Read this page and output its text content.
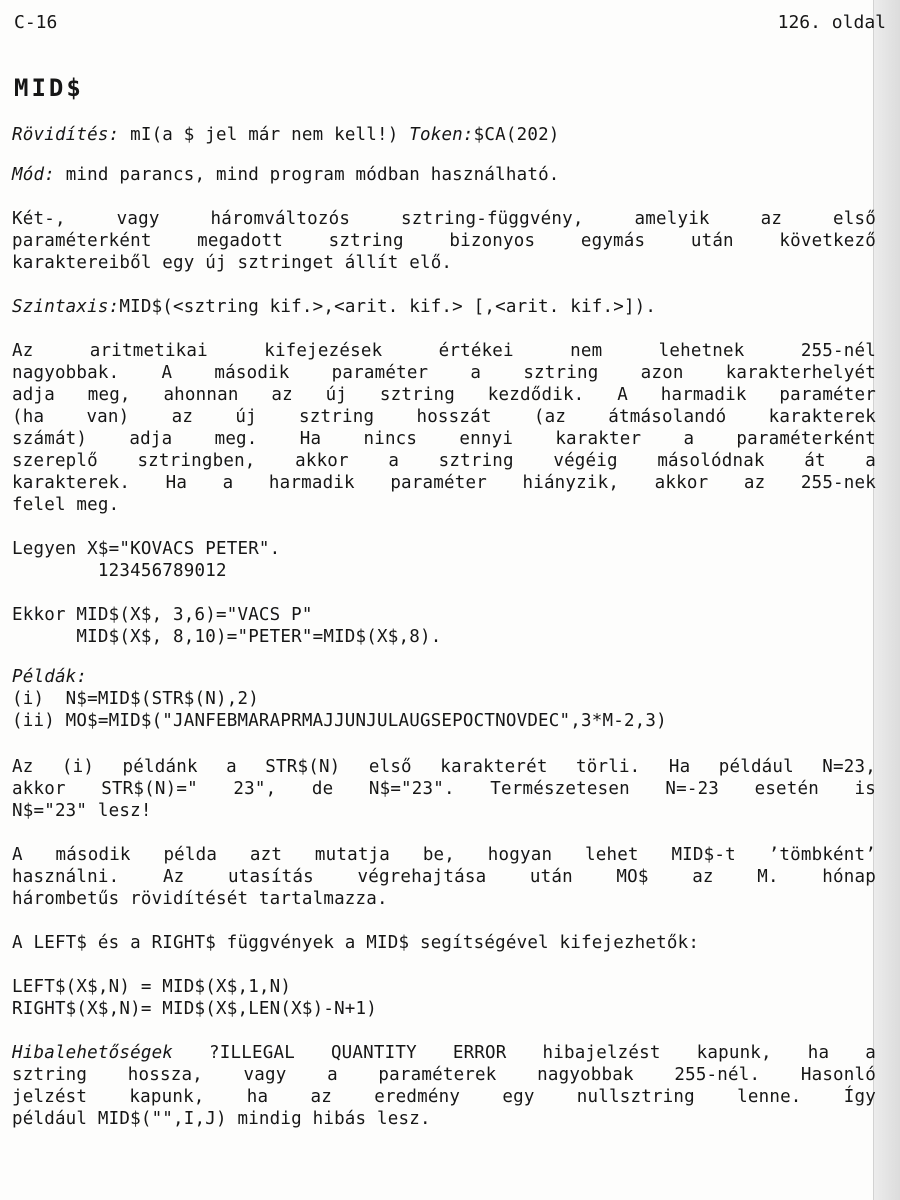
C-16	126. oldal
MID$
Rövidítés: mI(a $ jel már nem kell!) Token:$CA(202)
Mód: mind parancs, mind program módban használható.
Két-, vagy háromváltozós sztring-függvény, amelyik az első
paraméterként megadott sztring bizonyos egymás után következő
karaktereiből egy új sztringet állít elő.
Szintaxis:MID$(<sztring kif.>,<arit. kif.> [,<arit. kif.>]).
Az aritmetikai kifejezések értékei nem lehetnek 255-nél
nagyobbak. A második paraméter a sztring azon karakterhelyét
adja meg, ahonnan az új sztring kezdődik. A harmadik paraméter
(ha van) az új sztring hosszát (az átmásolandó karakterek
számát) adja meg. Ha nincs ennyi karakter a paraméterként
szereplő sztringben, akkor a sztring végéig másolódnak át a
karakterek. Ha a harmadik paraméter hiányzik, akkor az 255-nek
felel meg.
Legyen X$="KOVACS PETER".
123456789012
Ekkor MID$(X$, 3,6)="VACS P"
MID$(X$, 8,10)="PETER"=MID$(X$,8).
Példák:
(i)  N$=MID$(STR$(N),2)
(ii) MO$=MID$("JANFEBMARAPRMAJJUNJULAUGSEPOCTNOVDEC",3*M-2,3)
Az (i) példánk a STR$(N) első karakterét törli. Ha például N=23,
akkor STR$(N)=" 23", de N$="23". Természetesen N=-23 esetén is
N$="23" lesz!
A második példa azt mutatja be, hogyan lehet MID$-t ’tömbként’
használni. Az utasítás végrehajtása után MO$ az M. hónap
hárombetűs rövidítését tartalmazza.
A LEFT$ és a RIGHT$ függvények a MID$ segítségével kifejezhetők:
LEFT$(X$,N) = MID$(X$,1,N)
RIGHT$(X$,N)= MID$(X$,LEN(X$)-N+1)
Hibalehetőségek ?ILLEGAL QUANTITY ERROR hibajelzést kapunk, ha a
sztring hossza, vagy a paraméterek nagyobbak 255-nél. Hasonló
jelzést kapunk, ha az eredmény egy nullsztring lenne. Így
például MID$("",I,J) mindig hibás lesz.
